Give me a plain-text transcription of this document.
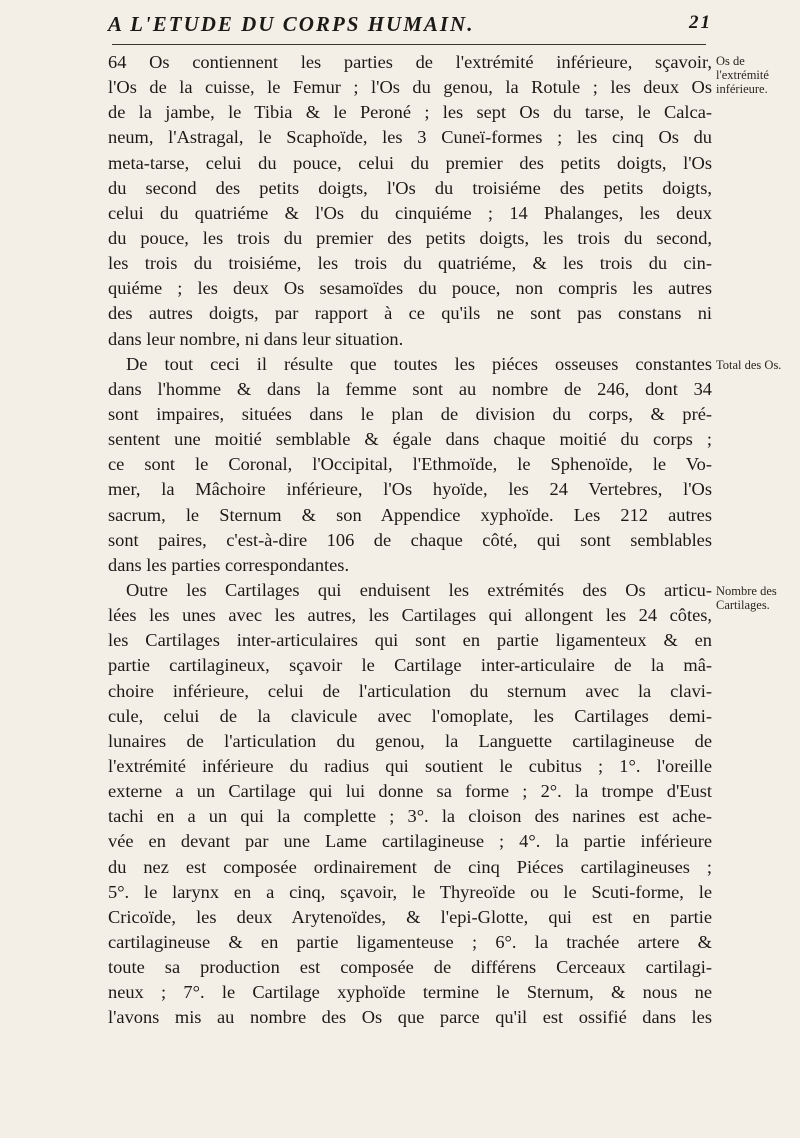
A L'ETUDE DU CORPS HUMAIN.	21
Os de l'extrémité inférieure.
Total des Os.
Nombre des Cartilages.
64 Os contiennent les parties de l'extrémité inférieure, sçavoir,
l'Os de la cuisse, le Femur ; l'Os du genou, la Rotule ; les deux Os
de la jambe, le Tibia & le Peroné ; les sept Os du tarse, le Calca-
neum, l'Astragal, le Scaphoïde, les 3 Cuneï-formes ; les cinq Os du
meta-tarse, celui du pouce, celui du premier des petits doigts, l'Os
du second des petits doigts, l'Os du troisiéme des petits doigts,
celui du quatriéme & l'Os du cinquiéme ; 14 Phalanges, les deux
du pouce, les trois du premier des petits doigts, les trois du second,
les trois du troisiéme, les trois du quatriéme, & les trois du cin-
quiéme ; les deux Os sesamoïdes du pouce, non compris les autres
des autres doigts, par rapport à ce qu'ils ne sont pas constans ni
dans leur nombre, ni dans leur situation.
De tout ceci il résulte que toutes les piéces osseuses constantes
dans l'homme & dans la femme sont au nombre de 246, dont 34
sont impaires, situées dans le plan de division du corps, & pré-
sentent une moitié semblable & égale dans chaque moitié du corps ;
ce sont le Coronal, l'Occipital, l'Ethmoïde, le Sphenoïde, le Vo-
mer, la Mâchoire inférieure, l'Os hyoïde, les 24 Vertebres, l'Os
sacrum, le Sternum & son Appendice xyphoïde. Les 212 autres
sont paires, c'est-à-dire 106 de chaque côté, qui sont semblables
dans les parties correspondantes.
Outre les Cartilages qui enduisent les extrémités des Os articu-
lées les unes avec les autres, les Cartilages qui allongent les 24 côtes,
les Cartilages inter-articulaires qui sont en partie ligamenteux & en
partie cartilagineux, sçavoir le Cartilage inter-articulaire de la mâ-
choire inférieure, celui de l'articulation du sternum avec la clavi-
cule, celui de la clavicule avec l'omoplate, les Cartilages demi-
lunaires de l'articulation du genou, la Languette cartilagineuse de
l'extrémité inférieure du radius qui soutient le cubitus ; 1°. l'oreille
externe a un Cartilage qui lui donne sa forme ; 2°. la trompe d'Eust
tachi en a un qui la complette ; 3°. la cloison des narines est ache-
vée en devant par une Lame cartilagineuse ; 4°. la partie inférieure
du nez est composée ordinairement de cinq Piéces cartilagineuses ;
5°. le larynx en a cinq, sçavoir, le Thyreoïde ou le Scuti-forme, le
Cricoïde, les deux Arytenoïdes, & l'epi-Glotte, qui est en partie
cartilagineuse & en partie ligamenteuse ; 6°. la trachée artere &
toute sa production est composée de différens Cerceaux cartilagi-
neux ; 7°. le Cartilage xyphoïde termine le Sternum, & nous ne
l'avons mis au nombre des Os que parce qu'il est ossifié dans les
